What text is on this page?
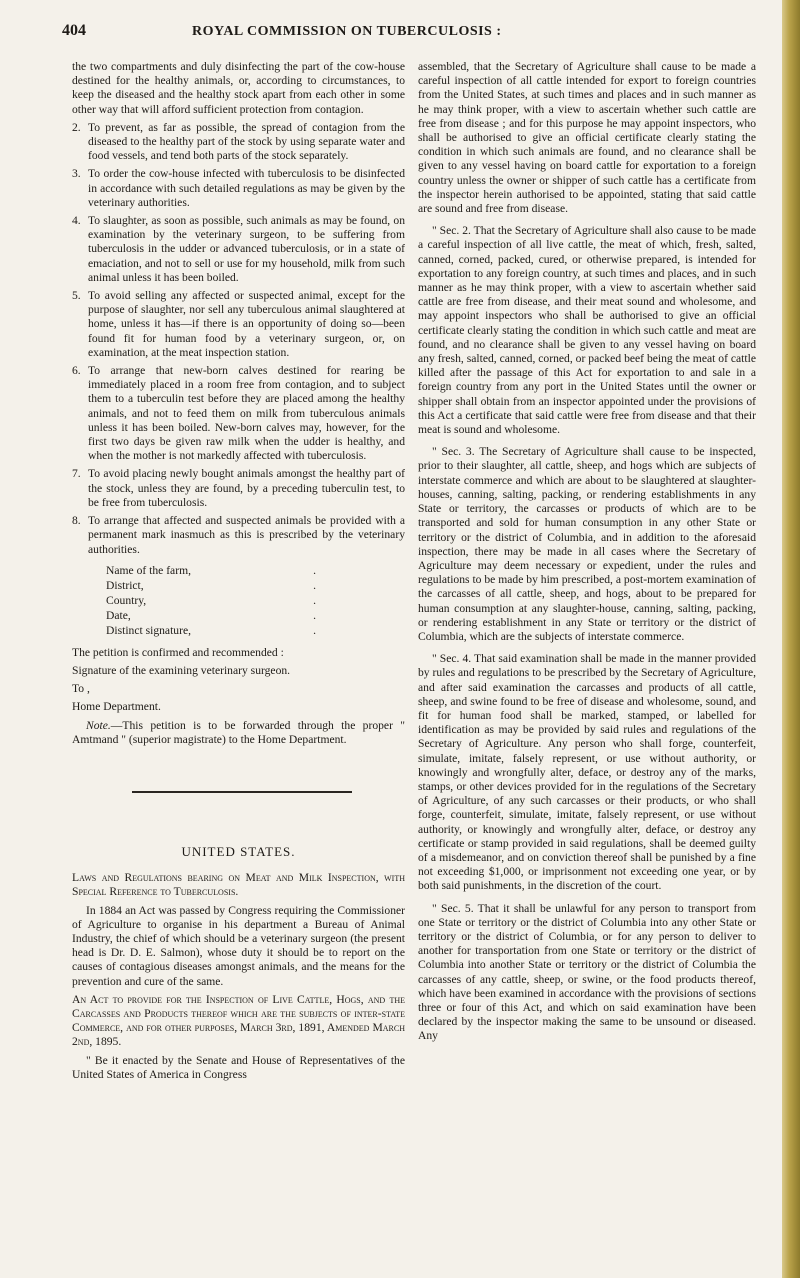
404	ROYAL COMMISSION ON TUBERCULOSIS :

the two compartments and duly disinfecting the part of the cow-house destined for the healthy animals, or, according to circumstances, to keep the diseased and the healthy stock apart from each other in some other way that will afford sufficient protection from contagion.

2. To prevent, as far as possible, the spread of contagion from the diseased to the healthy part of the stock by using separate water and food vessels, and tend both parts of the stock separately.
3. To order the cow-house infected with tuberculosis to be disinfected in accordance with such detailed regulations as may be given by the veterinary authorities.
4. To slaughter, as soon as possible, such animals as may be found, on examination by the veterinary surgeon, to be suffering from tuberculosis in the udder or advanced tuberculosis, or in a state of emaciation, and not to sell or use for my household, milk from such animal unless it has been boiled.
5. To avoid selling any affected or suspected animal, except for the purpose of slaughter, nor sell any tuberculous animal slaughtered at home, unless it has—if there is an opportunity of doing so—been found fit for human food by a veterinary surgeon, or, on examination, at the meat inspection station.
6. To arrange that new-born calves destined for rearing be immediately placed in a room free from contagion, and to subject them to a tuberculin test before they are placed among the healthy animals, and not to feed them on milk from tuberculous animals unless it has been boiled. New-born calves may, however, for the first two days be given raw milk when the udder is healthy, and when the mother is not markedly affected with tuberculosis.
7. To avoid placing newly bought animals amongst the healthy part of the stock, unless they are found, by a preceding tuberculin test, to be free from tuberculosis.
8. To arrange that affected and suspected animals be provided with a permanent mark inasmuch as this is prescribed by the veterinary authorities.
Name of the farm,	.
District,	.
Country,	.
Date,	.
Distinct signature,	.

The petition is confirmed and recommended :

Signature of the examining veterinary surgeon.

To ,

Home Department.

Note.—This petition is to be forwarded through the proper " Amtmand " (superior magistrate) to the Home Department.

UNITED STATES.

Laws and Regulations bearing on Meat and Milk Inspection, with Special Reference to Tuberculosis.

In 1884 an Act was passed by Congress requiring the Commissioner of Agriculture to organise in his department a Bureau of Animal Industry, the chief of which should be a veterinary surgeon (the present head is Dr. D. E. Salmon), whose duty it should be to report on the causes of contagious diseases amongst animals, and the means for the prevention and cure of the same.

An Act to provide for the Inspection of Live Cattle, Hogs, and the Carcasses and Products thereof which are the subjects of inter-state Commerce, and for other purposes, March 3rd, 1891, Amended March 2nd, 1895.

" Be it enacted by the Senate and House of Representatives of the United States of America in Congress

assembled, that the Secretary of Agriculture shall cause to be made a careful inspection of all cattle intended for export to foreign countries from the United States, at such times and places and in such manner as he may think proper, with a view to ascertain whether such cattle are free from disease ; and for this purpose he may appoint inspectors, who shall be authorised to give an official certificate clearly stating the condition in which such animals are found, and no clearance shall be given to any vessel having on board cattle for exportation to a foreign country unless the owner or shipper of such cattle has a certificate from the inspector herein authorised to be appointed, stating that said cattle are sound and free from disease.

" Sec. 2. That the Secretary of Agriculture shall also cause to be made a careful inspection of all live cattle, the meat of which, fresh, salted, canned, corned, packed, cured, or otherwise prepared, is intended for exportation to any foreign country, at such times and places, and in such manner as he may think proper, with a view to ascertain whether said cattle are free from disease, and their meat sound and wholesome, and may appoint inspectors who shall be authorised to give an official certificate clearly stating the condition in which such cattle and meat are found, and no clearance shall be given to any vessel having on board any fresh, salted, canned, corned, or packed beef being the meat of cattle killed after the passage of this Act for exportation to and sale in a foreign country from any port in the United States until the owner or shipper shall obtain from an inspector appointed under the provisions of this Act a certificate that said cattle were free from disease and that their meat is sound and wholesome.

" Sec. 3. The Secretary of Agriculture shall cause to be inspected, prior to their slaughter, all cattle, sheep, and hogs which are subjects of interstate commerce and which are about to be slaughtered at slaughter-houses, canning, salting, packing, or rendering establishments in any State or territory, the carcasses or products of which are to be transported and sold for human consumption in any other State or territory or the district of Columbia, and in addition to the aforesaid inspection, there may be made in all cases where the Secretary of Agriculture may deem necessary or expedient, under the rules and regulations to be made by him prescribed, a post-mortem examination of the carcasses of all cattle, sheep, and hogs, about to be prepared for human consumption at any slaughter-house, canning, salting, packing, or rendering establishment in any State or territory or the district of Columbia, which are the subjects of interstate commerce.

" Sec. 4. That said examination shall be made in the manner provided by rules and regulations to be prescribed by the Secretary of Agriculture, and after said examination the carcasses and products of all cattle, sheep, and swine found to be free of disease and wholesome, sound, and fit for human food shall be marked, stamped, or labelled for identification as may be provided by said rules and regulations of the Secretary of Agriculture. Any person who shall forge, counterfeit, simulate, imitate, falsely represent, or use without authority, or knowingly and wrongfully alter, deface, or destroy any of the marks, stamps, or other devices provided for in the regulations of the Secretary of Agriculture, of any such carcasses or their products, or who shall forge, counterfeit, simulate, imitate, falsely represent, or use without authority, or knowingly and wrongfully alter, deface, or destroy any certificate or stamp provided in said regulations, shall be deemed guilty of a misdemeanor, and on conviction thereof shall be punished by a fine not exceeding $1,000, or imprisonment not exceeding one year, or by both said punishments, in the discretion of the court.

" Sec. 5. That it shall be unlawful for any person to transport from one State or territory or the district of Columbia into any other State or territory or the district of Columbia, or for any person to deliver to another for transportation from one State or territory or the district of Columbia into another State or territory or the district of Columbia the carcasses of any cattle, sheep, or swine, or the food products thereof, which have been examined in accordance with the provisions of sections three or four of this Act, and which on said examination have been declared by the inspector making the same to be unsound or diseased. Any
